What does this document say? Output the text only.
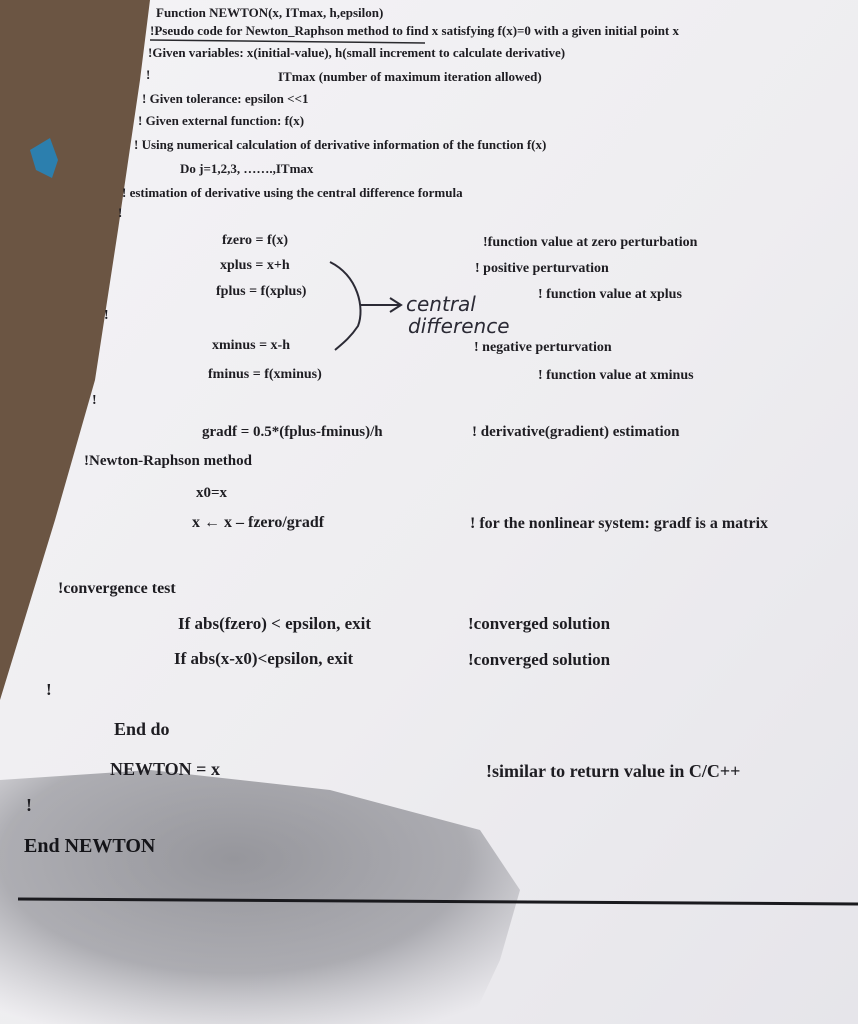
Function NEWTON(x, ITmax, h,epsilon)
!Pseudo code for Newton_Raphson method to find x satisfying f(x)=0 with a given initial point x
!Given variables: x(initial-value), h(small increment to calculate derivative)
!	ITmax (number of maximum iteration allowed)
! Given tolerance: epsilon <<1
! Given external function: f(x)
! Using numerical calculation of derivative information of the function f(x)
Do j=1,2,3, …….,ITmax
! estimation of derivative using the central difference formula
!
fzero = f(x)	!function value at zero perturbation
xplus = x+h	! positive perturvation
fplus = f(xplus)	! function value at xplus
!
xminus = x-h	! negative perturvation
fminus = f(xminus)	! function value at xminus
!
gradf = 0.5*(fplus-fminus)/h	! derivative(gradient) estimation
!Newton-Raphson method
x0=x
x ← x – fzero/gradf	! for the nonlinear system: gradf is a matrix
!convergence test
If abs(fzero) < epsilon, exit	!converged solution
If abs(x-x0)<epsilon, exit	!converged solution
!
End do
NEWTON = x	!similar to return value in C/C++
!
End NEWTON
central
difference
